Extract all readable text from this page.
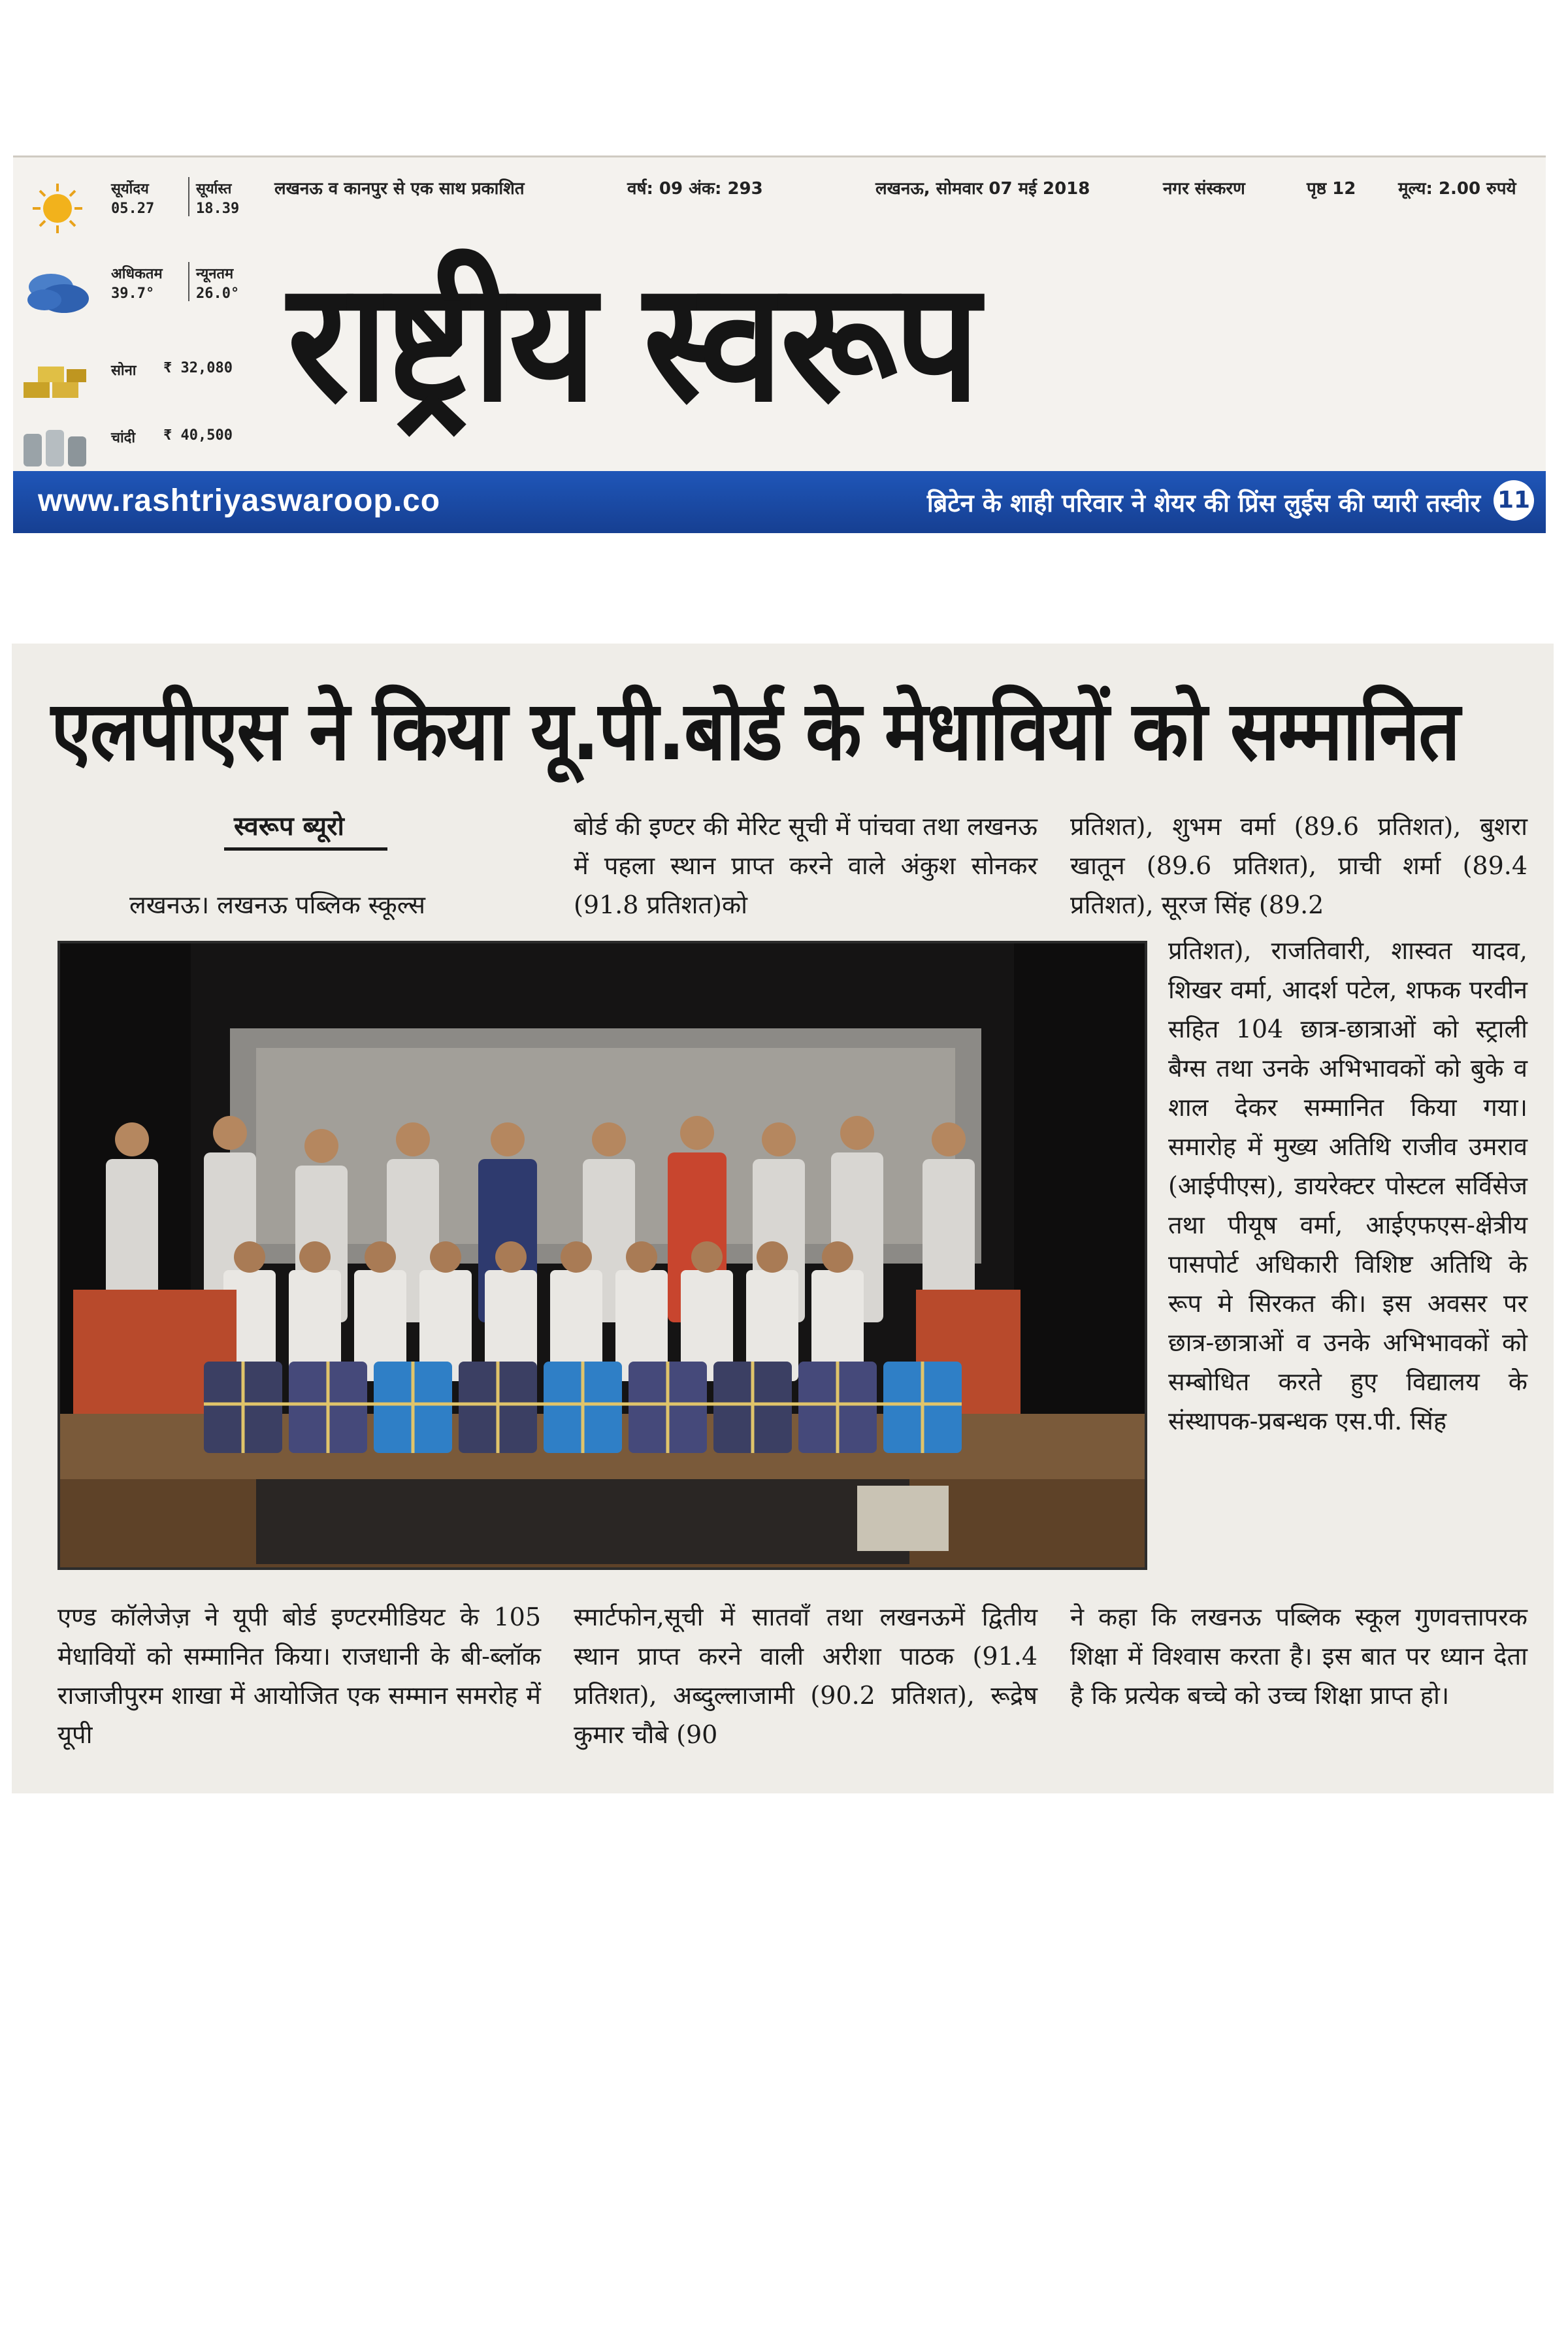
सूर्योदय
05.27
सूर्यास्त
18.39
अधिकतम
39.7°
न्यूनतम
26.0°
सोना ₹ 32,080
चांदी ₹ 40,500
लखनऊ व कानपुर से एक साथ प्रकाशित	वर्ष: 09 अंक: 293	लखनऊ, सोमवार 07 मई 2018	नगर संस्करण	पृष्ठ 12 मूल्य: 2.00 रुपये
राष्ट्रीय स्वरूप
www.rashtriyaswaroop.co	ब्रिटेन के शाही परिवार ने शेयर की प्रिंस लुईस की प्यारी तस्वीर 11
एलपीएस ने किया यू.पी.बोर्ड के मेधावियों को सम्मानित
स्वरूप ब्यूरो

लखनऊ। लखनऊ पब्लिक स्कूल्स

बोर्ड की इण्टर की मेरिट सूची में पांचवा तथा लखनऊ में पहला स्थान प्राप्त करने वाले अंकुश सोनकर (91.8 प्रतिशत)को

प्रतिशत), शुभम वर्मा (89.6 प्रतिशत), बुशरा खातून (89.6 प्रतिशत), प्राची शर्मा (89.4 प्रतिशत), सूरज सिंह (89.2

प्रतिशत), राजतिवारी, शास्वत यादव, शिखर वर्मा, आदर्श पटेल, शफक परवीन सहित 104 छात्र-छात्राओं को स्ट्राली बैग्स तथा उनके अभिभावकों को बुके व शाल देकर सम्मानित किया गया। समारोह में मुख्य अतिथि राजीव उमराव (आईपीएस), डायरेक्टर पोस्टल सर्विसेज तथा पीयूष वर्मा, आईएफएस-क्षेत्रीय पासपोर्ट अधिकारी विशिष्ट अतिथि के रूप मे सिरकत की। इस अवसर पर छात्र-छात्राओं व उनके अभिभावकों को सम्बोधित करते हुए विद्यालय के संस्थापक-प्रबन्धक एस.पी. सिंह

एण्ड कॉलेजेज़ ने यूपी बोर्ड इण्टरमीडियट के 105 मेधावियों को सम्मानित किया। राजधानी के बी-ब्लॉक राजाजीपुरम शाखा में आयोजित एक सम्मान समरोह में यूपी

स्मार्टफोन,सूची में सातवाँ तथा लखनऊमें द्वितीय स्थान प्राप्त करने वाली अरीशा पाठक (91.4 प्रतिशत), अब्दुल्लाजामी (90.2 प्रतिशत), रूद्रेष कुमार चौबे (90

ने कहा कि लखनऊ पब्लिक स्कूल गुणवत्तापरक शिक्षा में विश्वास करता है। इस बात पर ध्यान देता है कि प्रत्येक बच्चे को उच्च शिक्षा प्राप्त हो।
